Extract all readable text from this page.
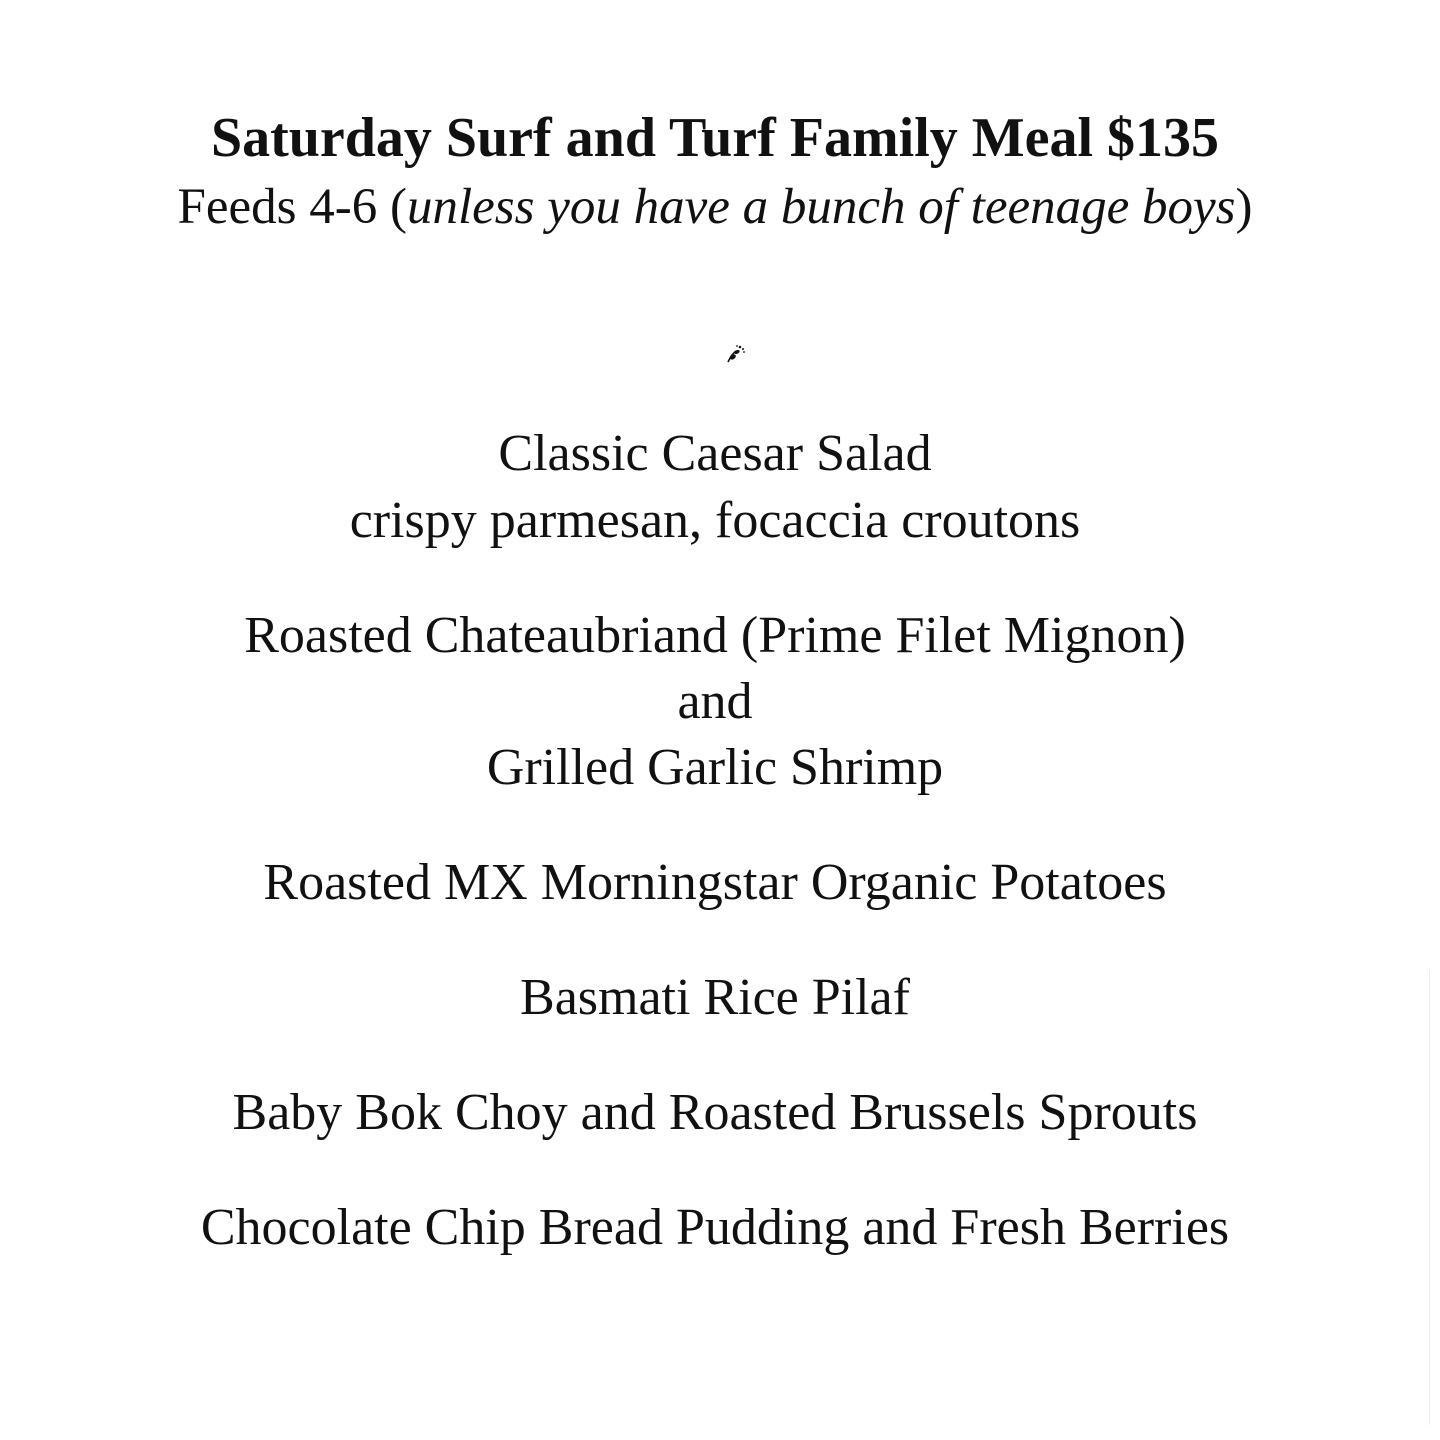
Saturday Surf and Turf Family Meal $135
Feeds 4-6 (unless you have a bunch of teenage boys)
Classic Caesar Salad
crispy parmesan, focaccia croutons
Roasted Chateaubriand (Prime Filet Mignon)
and
Grilled Garlic Shrimp
Roasted MX Morningstar Organic Potatoes
Basmati Rice Pilaf
Baby Bok Choy and Roasted Brussels Sprouts
Chocolate Chip Bread Pudding and Fresh Berries
